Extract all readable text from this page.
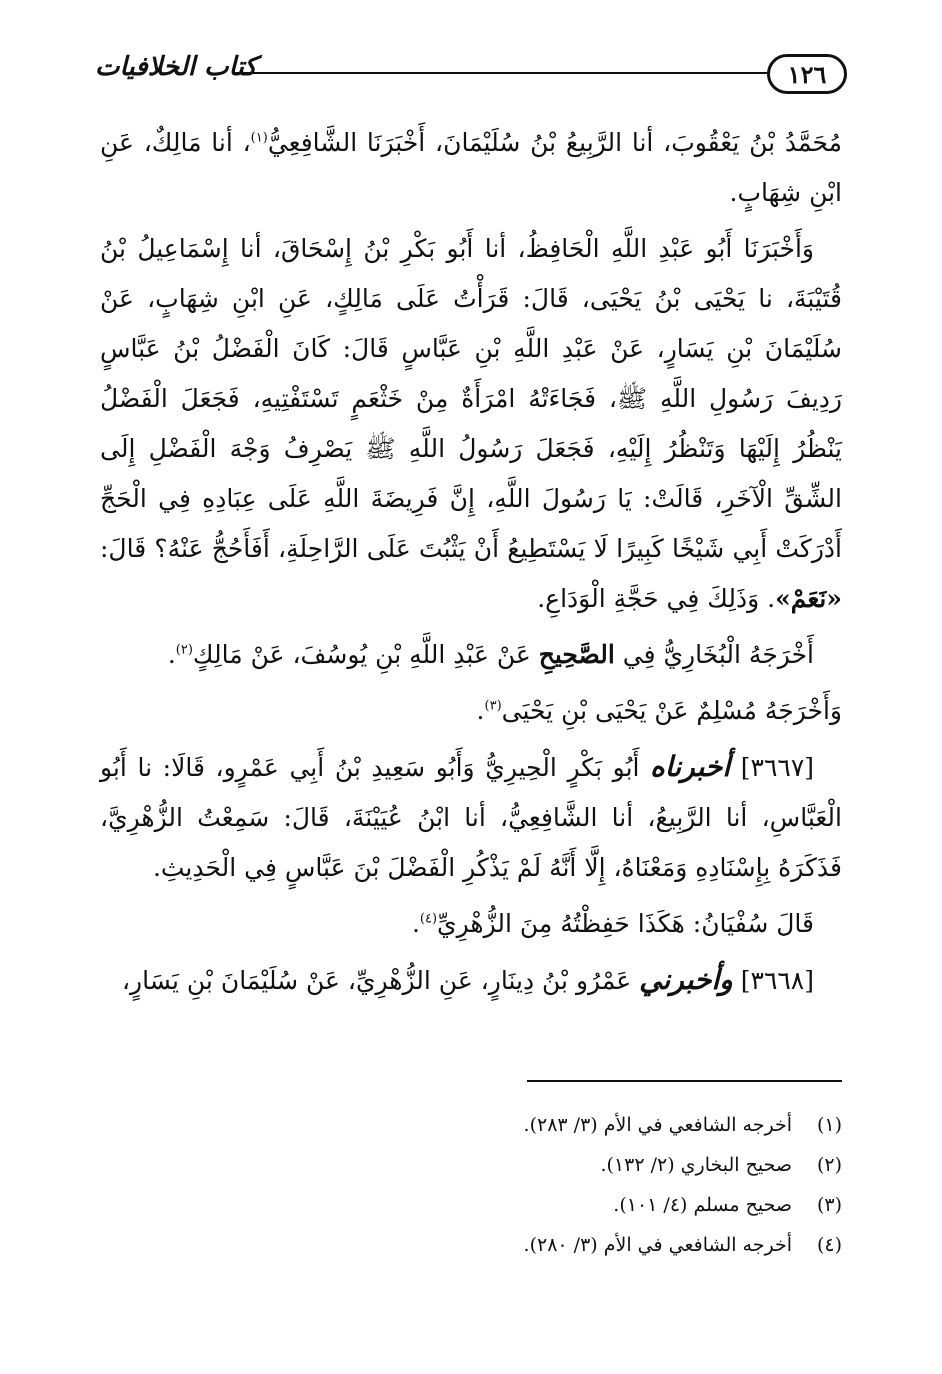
١٢٦
كتاب الخلافيات

مُحَمَّدُ بْنُ يَعْقُوبَ، أنا الرَّبِيعُ بْنُ سُلَيْمَانَ، أَخْبَرَنَا الشَّافِعِيُّ$^{(١)}$، أنا مَالِكٌ، عَنِ ابْنِ شِهَابٍ.

وَأَخْبَرَنَا أَبُو عَبْدِ اللَّهِ الْحَافِظُ، أنا أَبُو بَكْرِ بْنُ إِسْحَاقَ، أنا إِسْمَاعِيلُ بْنُ قُتَيْبَةَ، نا يَحْيَى بْنُ يَحْيَى، قَالَ: قَرَأْتُ عَلَى مَالِكٍ، عَنِ ابْنِ شِهَابٍ، عَنْ سُلَيْمَانَ بْنِ يَسَارٍ، عَنْ عَبْدِ اللَّهِ بْنِ عَبَّاسٍ قَالَ: كَانَ الْفَضْلُ بْنُ عَبَّاسٍ رَدِيفَ رَسُولِ اللَّهِ ﷺ، فَجَاءَتْهُ امْرَأَةٌ مِنْ خَثْعَمٍ تَسْتَفْتِيهِ، فَجَعَلَ الْفَضْلُ يَنْظُرُ إِلَيْهَا وَتَنْظُرُ إِلَيْهِ، فَجَعَلَ رَسُولُ اللَّهِ ﷺ يَصْرِفُ وَجْهَ الْفَضْلِ إِلَى الشِّقِّ الْآخَرِ، قَالَتْ: يَا رَسُولَ اللَّهِ، إِنَّ فَرِيضَةَ اللَّهِ عَلَى عِبَادِهِ فِي الْحَجِّ أَدْرَكَتْ أَبِي شَيْخًا كَبِيرًا لَا يَسْتَطِيعُ أَنْ يَثْبُتَ عَلَى الرَّاحِلَةِ، أَفَأَحُجُّ عَنْهُ؟ قَالَ: «نَعَمْ». وَذَلِكَ فِي حَجَّةِ الْوَدَاعِ.

أَخْرَجَهُ الْبُخَارِيُّ فِي الصَّحِيحِ عَنْ عَبْدِ اللَّهِ بْنِ يُوسُفَ، عَنْ مَالِكٍ$^{(٢)}$.

وَأَخْرَجَهُ مُسْلِمٌ عَنْ يَحْيَى بْنِ يَحْيَى$^{(٣)}$.

[٣٦٦٧] أخبرناه أَبُو بَكْرٍ الْحِيرِيُّ وَأَبُو سَعِيدِ بْنُ أَبِي عَمْرٍو، قَالَا: نا أَبُو الْعَبَّاسِ، أنا الرَّبِيعُ، أنا الشَّافِعِيُّ، أنا ابْنُ عُيَيْنَةَ، قَالَ: سَمِعْتُ الزُّهْرِيَّ، فَذَكَرَهُ بِإِسْنَادِهِ وَمَعْنَاهُ، إِلَّا أَنَّهُ لَمْ يَذْكُرِ الْفَضْلَ بْنَ عَبَّاسٍ فِي الْحَدِيثِ.

قَالَ سُفْيَانُ: هَكَذَا حَفِظْتُهُ مِنَ الزُّهْرِيِّ$^{(٤)}$.

[٣٦٦٨] وأخبرني عَمْرُو بْنُ دِينَارٍ، عَنِ الزُّهْرِيِّ، عَنْ سُلَيْمَانَ بْنِ يَسَارٍ،

(١)
أخرجه الشافعي في الأم (٣/ ٢٨٣).
(٢)
صحيح البخاري (٢/ ١٣٢).
(٣)
صحيح مسلم (٤/ ١٠١).
(٤)
أخرجه الشافعي في الأم (٣/ ٢٨٠).
